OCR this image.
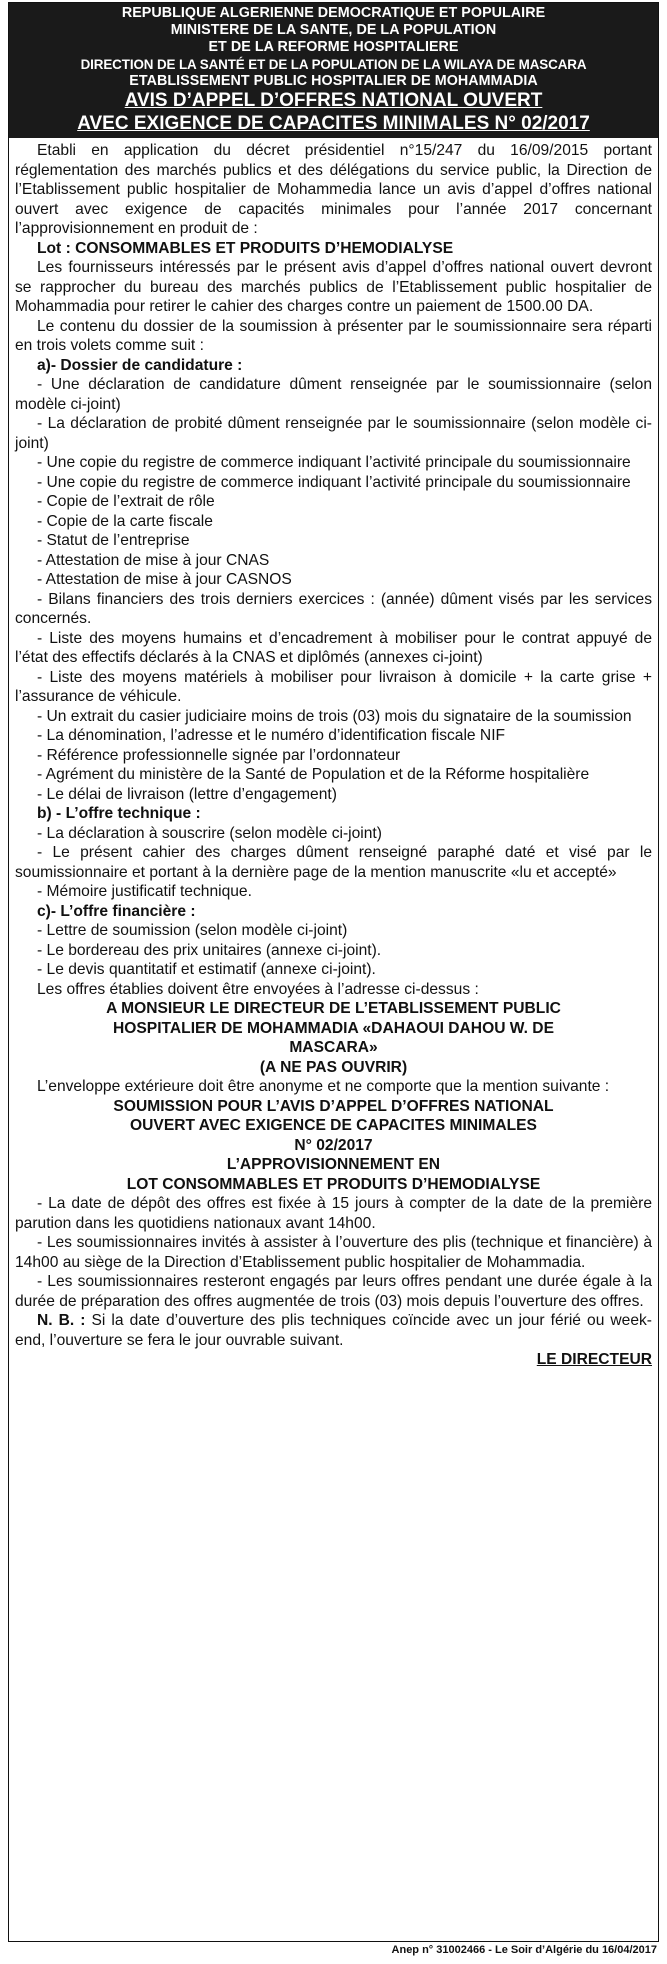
REPUBLIQUE ALGERIENNE DEMOCRATIQUE ET POPULAIRE

MINISTERE DE LA SANTE, DE LA POPULATION

ET DE LA REFORME HOSPITALIERE

DIRECTION DE LA SANTÉ ET DE LA POPULATION DE LA WILAYA DE MASCARA

ETABLISSEMENT PUBLIC HOSPITALIER DE MOHAMMADIA

AVIS D’APPEL D’OFFRES NATIONAL OUVERT

AVEC EXIGENCE DE CAPACITES MINIMALES N° 02/2017

Etabli en application du décret présidentiel n°15/247 du 16/09/2015 portant réglementation des marchés publics et des délégations du service public, la Direction de l’Etablissement public hospitalier de Mohammedia lance un avis d’appel d’offres national ouvert avec exigence de capacités minimales pour l’année 2017 concernant l’approvisionnement en produit de :

Lot : CONSOMMABLES ET PRODUITS D’HEMODIALYSE

Les fournisseurs intéressés par le présent avis d’appel d’offres national ouvert devront se rapprocher du bureau des marchés publics de l’Etablissement public hospitalier de Mohammadia pour retirer le cahier des charges contre un paiement de 1500.00 DA.

Le contenu du dossier de la soumission à présenter par le soumissionnaire sera réparti en trois volets comme suit :

a)- Dossier de candidature :

- Une déclaration de candidature dûment renseignée par le soumissionnaire (selon modèle ci-joint)

- La déclaration de probité dûment renseignée par le soumissionnaire (selon modèle ci-joint)

- Une copie du registre de commerce indiquant l’activité principale du soumissionnaire

- Une copie du registre de commerce indiquant l’activité principale du soumissionnaire

- Copie de l’extrait de rôle

- Copie de la carte fiscale

- Statut de l’entreprise

- Attestation de mise à jour CNAS

- Attestation de mise à jour CASNOS

- Bilans financiers des trois derniers exercices : (année) dûment visés par les services concernés.

- Liste des moyens humains et d’encadrement à mobiliser pour le contrat appuyé de l’état des effectifs déclarés à la CNAS et diplômés (annexes ci-joint)

- Liste des moyens matériels à mobiliser pour livraison à domicile + la carte grise + l’assurance de véhicule.

- Un extrait du casier judiciaire moins de trois (03) mois du signataire de la soumission

- La dénomination, l’adresse et le numéro d’identification fiscale NIF

- Référence professionnelle signée par l’ordonnateur

- Agrément du ministère de la Santé de Population et de la Réforme hospitalière

- Le délai de livraison (lettre d’engagement)

b) - L’offre technique :

- La déclaration à souscrire (selon modèle ci-joint)

- Le présent cahier des charges dûment renseigné paraphé daté et visé par le soumissionnaire et portant à la dernière page de la mention manuscrite «lu et accepté»

- Mémoire justificatif technique.

c)- L’offre financière :

- Lettre de soumission (selon modèle ci-joint)

- Le bordereau des prix unitaires (annexe ci-joint).

- Le devis quantitatif et estimatif (annexe ci-joint).

Les offres établies doivent être envoyées à l’adresse ci-dessus :

A MONSIEUR LE DIRECTEUR DE L’ETABLISSEMENT PUBLIC

HOSPITALIER DE MOHAMMADIA «DAHAOUI DAHOU W. DE

MASCARA»

(A NE PAS OUVRIR)

L’enveloppe extérieure doit être anonyme et ne comporte que la mention suivante :

SOUMISSION POUR L’AVIS D’APPEL D’OFFRES NATIONAL

OUVERT AVEC EXIGENCE DE CAPACITES MINIMALES

N° 02/2017

L’APPROVISIONNEMENT EN

LOT CONSOMMABLES ET PRODUITS D’HEMODIALYSE

- La date de dépôt des offres est fixée à 15 jours à compter de la date de la première parution dans les quotidiens nationaux avant 14h00.

- Les soumissionnaires invités à assister à l’ouverture des plis (technique et financière) à 14h00 au siège de la Direction d’Etablissement public hospitalier de Mohammadia.

- Les soumissionnaires resteront engagés par leurs offres pendant une durée égale à la durée de préparation des offres augmentée de trois (03) mois depuis l’ouverture des offres.

N. B. : Si la date d’ouverture des plis techniques coïncide avec un jour férié ou week-end, l’ouverture se fera le jour ouvrable suivant.

LE DIRECTEUR

Anep n° 31002466 - Le Soir d’Algérie du 16/04/2017
